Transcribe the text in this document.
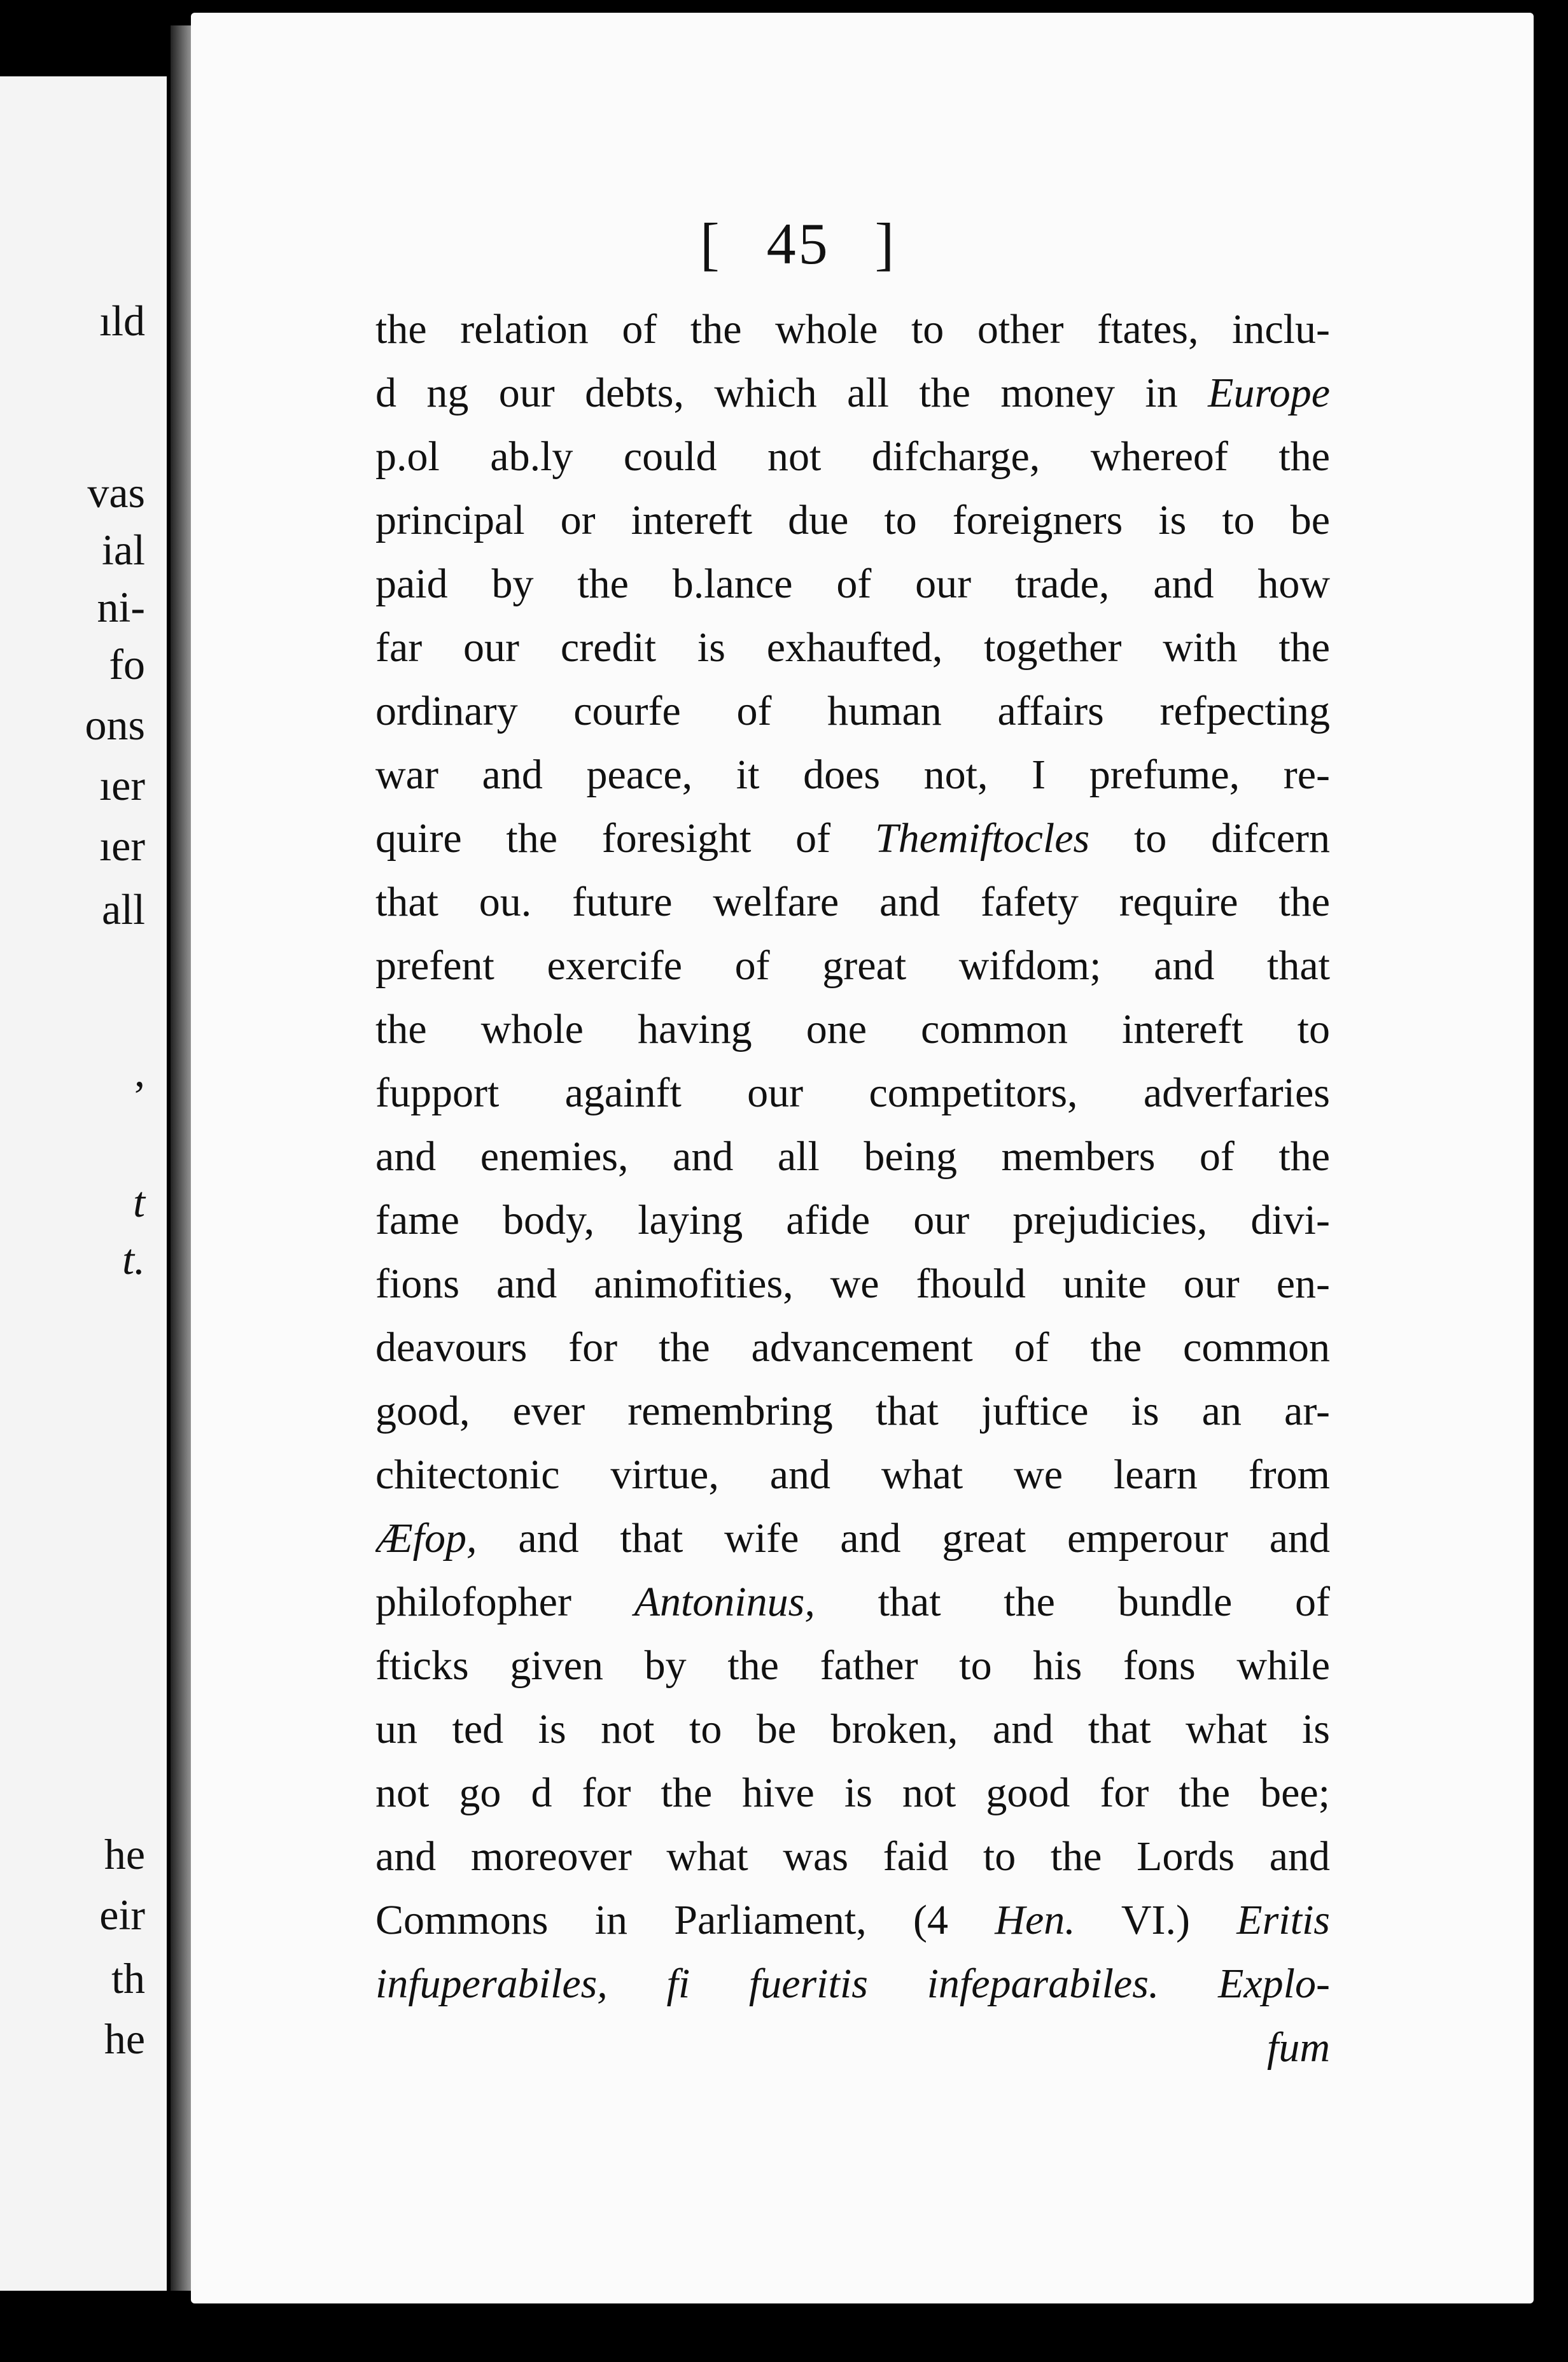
ıld
vas
ial
ni-
fo
ons
ıer
ıer
all
,
t
t.
he
eir
th
he
[ 45 ]
the relation of the whole to other ftates, inclu-
d ng our debts, which all the money in Europe
p.ol ab.ly could not difcharge, whereof the
principal or intereft due to foreigners is to be
paid by the b.lance of our trade, and how
far our credit is exhaufted, together with the
ordinary courfe of human affairs refpecting
war and peace, it does not, I prefume, re-
quire the foresight of Themiftocles to difcern
that ou. future welfare and fafety require the
prefent exercife of great wifdom; and that
the whole having one common intereft to
fupport againft our competitors, adverfaries
and enemies, and all being members of the
fame body, laying afide our prejudicies, divi-
fions and animofities, we fhould unite our en-
deavours for the advancement of the common
good, ever remembring that juftice is an ar-
chitectonic virtue, and what we learn from
Æfop, and that wife and great emperour and
philofopher Antoninus, that the bundle of
fticks given by the father to his fons while
un ted is not to be broken, and that what is
not go d for the hive is not good for the bee;
and moreover what was faid to the Lords and
Commons in Parliament, (4 Hen. VI.) Eritis
infuperabiles, fi fueritis infeparabiles. Explo-
fum
